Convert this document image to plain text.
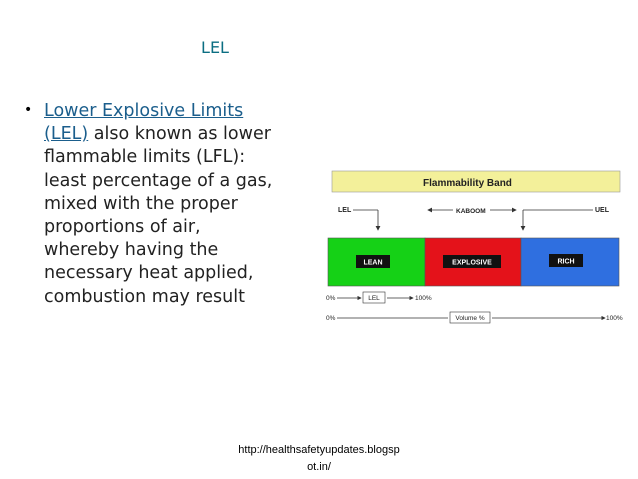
LEL
• Lower Explosive Limits
(LEL) also known as lower
flammable limits (LFL):
least percentage of a gas,
mixed with the proper
proportions of air,
whereby having the
necessary heat applied,
combustion may result
Flammability Band
LEL	KABOOM	UEL
LEAN	EXPLOSIVE	RICH
0%	LEL	100%
0%	Volume %	100%
http://healthsafetyupdates.blogsp
ot.in/
